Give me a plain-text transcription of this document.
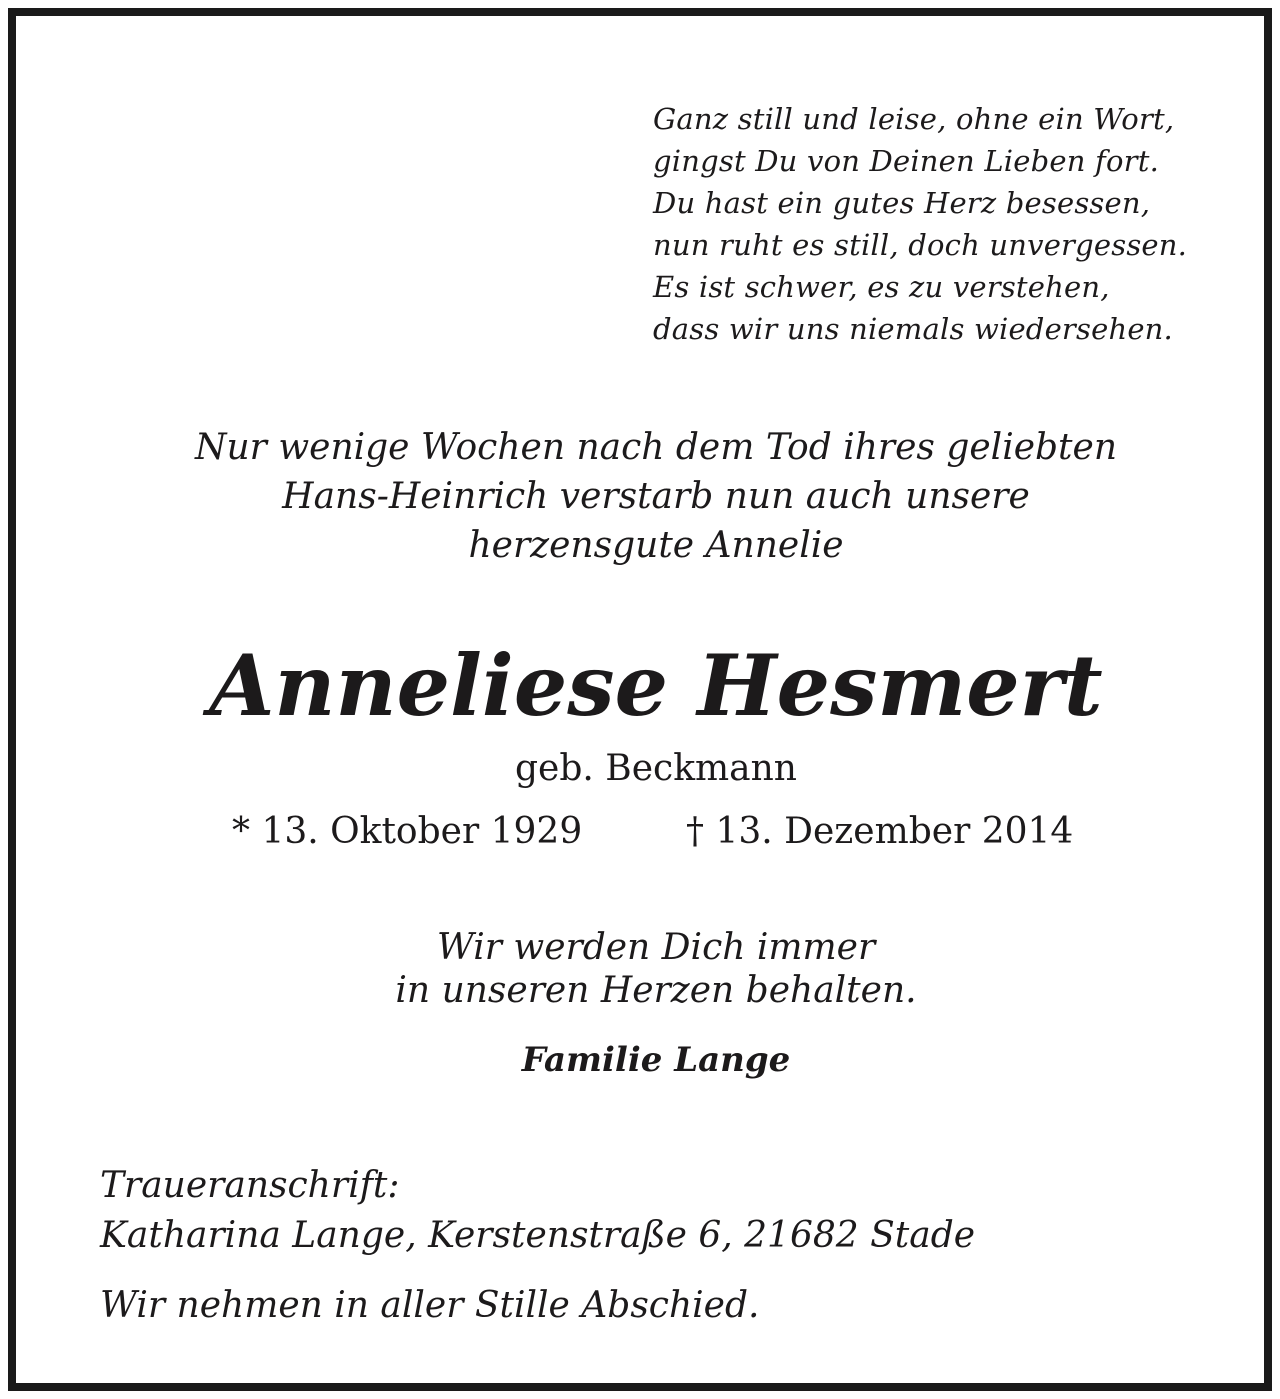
Ganz still und leise, ohne ein Wort,
gingst Du von Deinen Lieben fort.
Du hast ein gutes Herz besessen,
nun ruht es still, doch unvergessen.
Es ist schwer, es zu verstehen,
dass wir uns niemals wiedersehen.
Nur wenige Wochen nach dem Tod ihres geliebten
Hans-Heinrich verstarb nun auch unsere
herzensgute Annelie
Anneliese Hesmert
geb. Beckmann
* 13. Oktober 1929	† 13. Dezember 2014
Wir werden Dich immer
in unseren Herzen behalten.
Familie Lange
Traueranschrift:
Katharina Lange, Kerstenstraße 6, 21682 Stade
Wir nehmen in aller Stille Abschied.
